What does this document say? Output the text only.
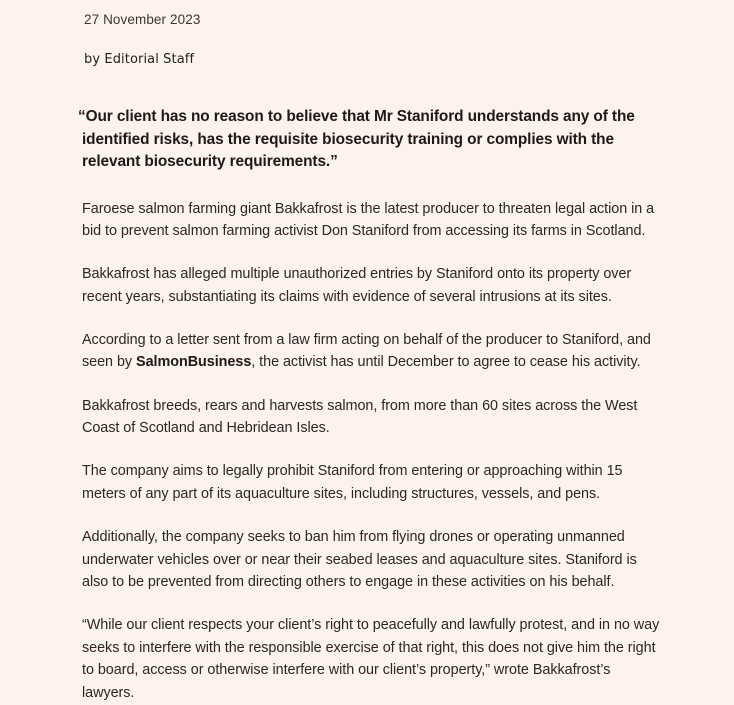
27 November 2023
by Editorial Staff

“Our client has no reason to believe that Mr Staniford understands any of the identified risks, has the requisite biosecurity training or complies with the relevant biosecurity requirements.”

Faroese salmon farming giant Bakkafrost is the latest producer to threaten legal action in a bid to prevent salmon farming activist Don Staniford from accessing its farms in Scotland.

Bakkafrost has alleged multiple unauthorized entries by Staniford onto its property over recent years, substantiating its claims with evidence of several intrusions at its sites.

According to a letter sent from a law firm acting on behalf of the producer to Staniford, and seen by SalmonBusiness, the activist has until December to agree to cease his activity.

Bakkafrost breeds, rears and harvests salmon, from more than 60 sites across the West Coast of Scotland and Hebridean Isles.

The company aims to legally prohibit Staniford from entering or approaching within 15 meters of any part of its aquaculture sites, including structures, vessels, and pens.

Additionally, the company seeks to ban him from flying drones or operating unmanned underwater vehicles over or near their seabed leases and aquaculture sites. Staniford is also to be prevented from directing others to engage in these activities on his behalf.

“While our client respects your client’s right to peacefully and lawfully protest, and in no way seeks to interfere with the responsible exercise of that right, this does not give him the right to board, access or otherwise interfere with our client’s property,” wrote Bakkafrost’s lawyers.
